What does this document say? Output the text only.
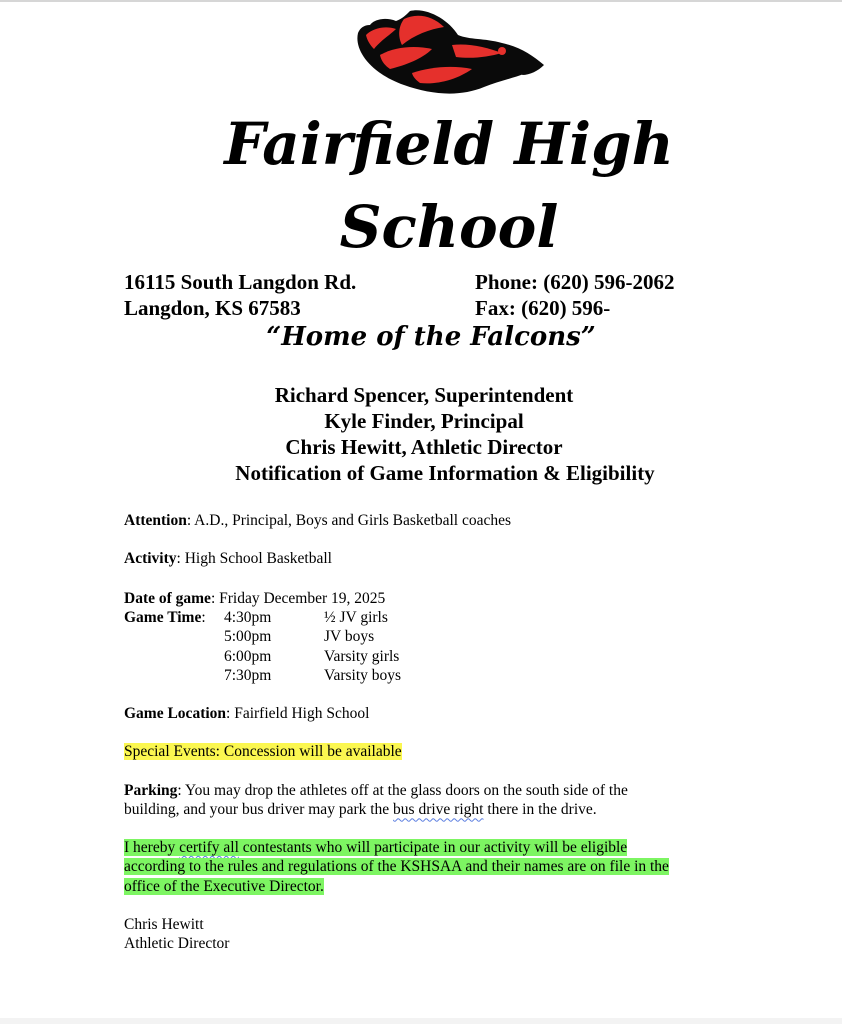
Fairfield High
School
16115 South Langdon Rd.
Langdon, KS 67583
Phone: (620) 596-2062
Fax: (620) 596-
“Home of the Falcons”
Richard Spencer, Superintendent
Kyle Finder, Principal
Chris Hewitt, Athletic Director
Notification of Game Information & Eligibility
Attention: A.D., Principal, Boys and Girls Basketball coaches
Activity: High School Basketball
Date of game: Friday December 19, 2025
Game Time: 4:30pm
5:00pm
6:00pm
7:30pm
½ JV girls
JV boys
Varsity girls
Varsity boys
Game Location: Fairfield High School
Special Events: Concession will be available
Parking: You may drop the athletes off at the glass doors on the south side of the
building, and your bus driver may park the bus drive right there in the drive.
I hereby certify all contestants who will participate in our activity will be eligible
according to the rules and regulations of the KSHSAA and their names are on file in the
office of the Executive Director.
Chris Hewitt
Athletic Director
